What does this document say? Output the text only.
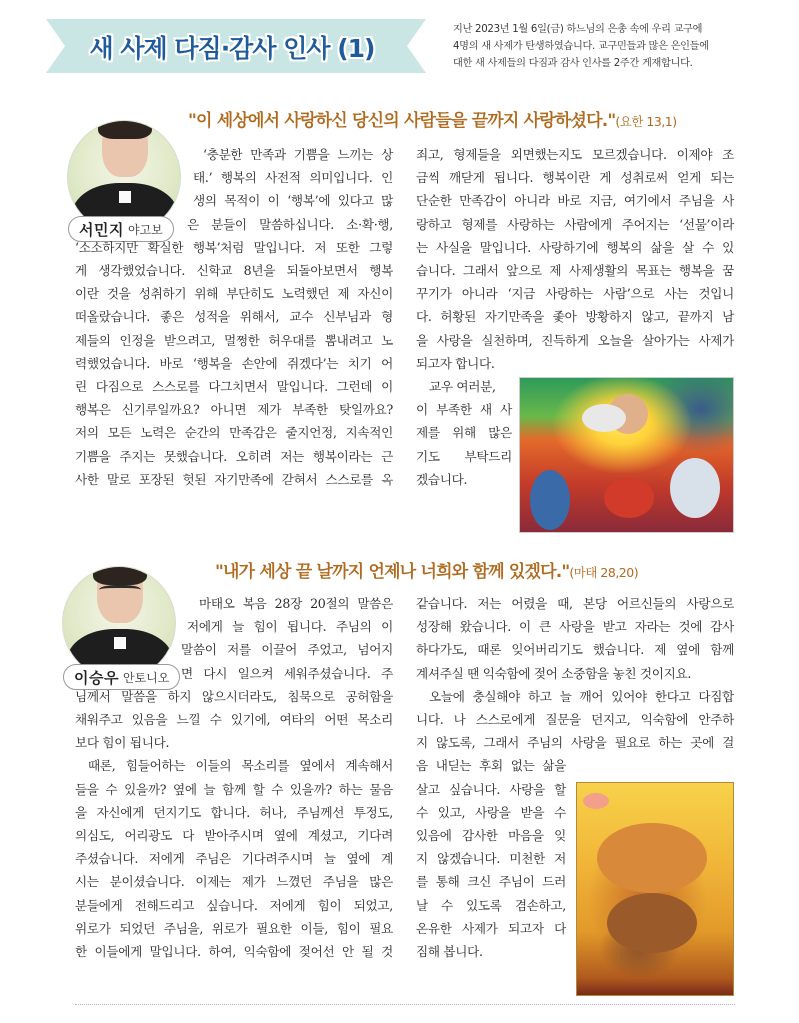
새 사제 다짐·감사 인사 (1)
지난 2023년 1월 6일(금) 하느님의 은총 속에 우리 교구에
4명의 새 사제가 탄생하였습니다. 교구민들과 많은 은인들에
대한 새 사제들의 다짐과 감사 인사를 2주간 게재합니다.
"이 세상에서 사랑하신 당신의 사람들을 끝까지 사랑하셨다."(요한 13,1)
서민지 야고보
‘충분한 만족과 기쁨을 느끼는 상
태.’ 행복의 사전적 의미입니다. 인
생의 목적이 이 ‘행복’에 있다고 많
은 분들이 말씀하십니다. 소·확·행,
‘소소하지만 확실한 행복’처럼 말입니다. 저 또한 그렇
게 생각했었습니다. 신학교 8년을 되돌아보면서 행복
이란 것을 성취하기 위해 부단히도 노력했던 제 자신이
떠올랐습니다. 좋은 성적을 위해서, 교수 신부님과 형
제들의 인정을 받으려고, 멀쩡한 허우대를 뽐내려고 노
력했었습니다. 바로 ‘행복을 손안에 쥐겠다’는 치기 어
린 다짐으로 스스로를 다그치면서 말입니다. 그런데 이
행복은 신기루일까요? 아니면 제가 부족한 탓일까요?
저의 모든 노력은 순간의 만족감은 줄지언정, 지속적인
기쁨을 주지는 못했습니다. 오히려 저는 행복이라는 근
사한 말로 포장된 헛된 자기만족에 갇혀서 스스로를 옥
죄고, 형제들을 외면했는지도 모르겠습니다. 이제야 조
금씩 깨닫게 됩니다. 행복이란 게 성취로써 얻게 되는
단순한 만족감이 아니라 바로 지금, 여기에서 주님을 사
랑하고 형제를 사랑하는 사람에게 주어지는 ‘선물’이라
는 사실을 말입니다. 사랑하기에 행복의 삶을 살 수 있
습니다. 그래서 앞으로 제 사제생활의 목표는 행복을 꿈
꾸기가 아니라 ‘지금 사랑하는 사람’으로 사는 것입니
다. 허황된 자기만족을 좇아 방황하지 않고, 끝까지 남
을 사랑을 실천하며, 진득하게 오늘을 살아가는 사제가
되고자 합니다.
교우 여러분,
이 부족한 새 사
제를 위해 많은
기도 부탁드리
겠습니다.
"내가 세상 끝 날까지 언제나 너희와 함께 있겠다."(마태 28,20)
이승우 안토니오
마태오 복음 28장 20절의 말씀은
저에게 늘 힘이 됩니다. 주님의 이
말씀이 저를 이끌어 주었고, 넘어지
면 다시 일으켜 세워주셨습니다. 주
님께서 말씀을 하지 않으시더라도, 침묵으로 공허함을
채워주고 있음을 느낄 수 있기에, 여타의 어떤 목소리
보다 힘이 됩니다.
때론, 힘들어하는 이들의 목소리를 옆에서 계속해서
들을 수 있을까? 옆에 늘 함께 할 수 있을까? 하는 물음
을 자신에게 던지기도 합니다. 허나, 주님께선 투정도,
의심도, 어리광도 다 받아주시며 옆에 계셨고, 기다려
주셨습니다. 저에게 주님은 기다려주시며 늘 옆에 계
시는 분이셨습니다. 이제는 제가 느꼈던 주님을 많은
분들에게 전해드리고 싶습니다. 저에게 힘이 되었고,
위로가 되었던 주님을, 위로가 필요한 이들, 힘이 필요
한 이들에게 말입니다. 하여, 익숙함에 젖어선 안 될 것
같습니다. 저는 어렸을 때, 본당 어르신들의 사랑으로
성장해 왔습니다. 이 큰 사랑을 받고 자라는 것에 감사
하다가도, 때론 잊어버리기도 했습니다. 제 옆에 함께
계셔주실 땐 익숙함에 젖어 소중함을 놓친 것이지요.
오늘에 충실해야 하고 늘 깨어 있어야 한다고 다짐합
니다. 나 스스로에게 질문을 던지고, 익숙함에 안주하
지 않도록, 그래서 주님의 사랑을 필요로 하는 곳에 걸
음 내딛는 후회 없는 삶을
살고 싶습니다. 사랑을 할
수 있고, 사랑을 받을 수
있음에 감사한 마음을 잊
지 않겠습니다. 미천한 저
를 통해 크신 주님이 드러
날 수 있도록 겸손하고,
온유한 사제가 되고자 다
짐해 봅니다.
